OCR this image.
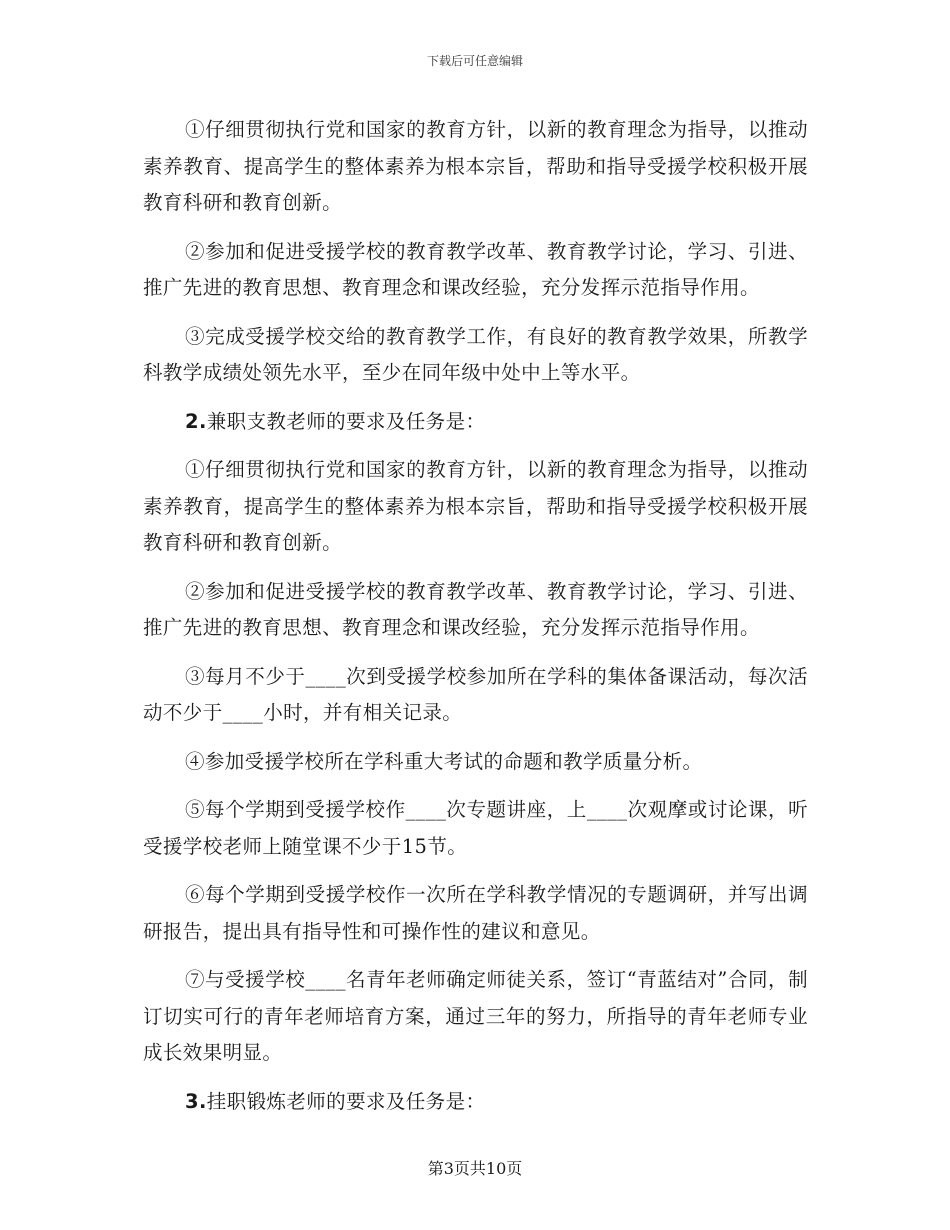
下载后可任意编辑

①仔细贯彻执行党和国家的教育方针，以新的教育理念为指导，以推动素养教育、提高学生的整体素养为根本宗旨，帮助和指导受援学校积极开展教育科研和教育创新。

②参加和促进受援学校的教育教学改革、教育教学讨论，学习、引进、推广先进的教育思想、教育理念和课改经验，充分发挥示范指导作用。

③完成受援学校交给的教育教学工作，有良好的教育教学效果，所教学科教学成绩处领先水平，至少在同年级中处中上等水平。

2.兼职支教老师的要求及任务是：

①仔细贯彻执行党和国家的教育方针，以新的教育理念为指导，以推动素养教育，提高学生的整体素养为根本宗旨，帮助和指导受援学校积极开展教育科研和教育创新。

②参加和促进受援学校的教育教学改革、教育教学讨论，学习、引进、推广先进的教育思想、教育理念和课改经验，充分发挥示范指导作用。

③每月不少于____次到受援学校参加所在学科的集体备课活动，每次活动不少于____小时，并有相关记录。

④参加受援学校所在学科重大考试的命题和教学质量分析。

⑤每个学期到受援学校作____次专题讲座，上____次观摩或讨论课，听受援学校老师上随堂课不少于15节。

⑥每个学期到受援学校作一次所在学科教学情况的专题调研，并写出调研报告，提出具有指导性和可操作性的建议和意见。

⑦与受援学校____名青年老师确定师徒关系，签订“青蓝结对”合同，制订切实可行的青年老师培育方案，通过三年的努力，所指导的青年老师专业成长效果明显。

3.挂职锻炼老师的要求及任务是：

第3页共10页
